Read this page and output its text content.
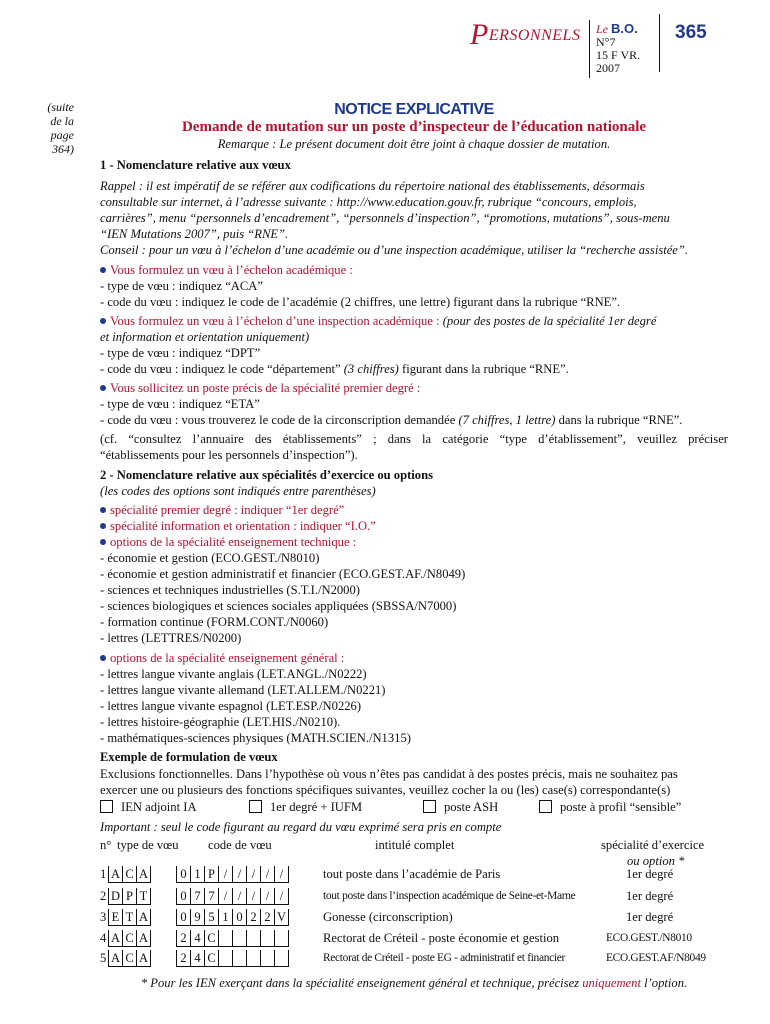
PERSONNELS Le B.O.
N°7
15 F VR.
2007
365
(suite
de la
page
364)
NOTICE EXPLICATIVE
Demande de mutation sur un poste d’inspecteur de l’éducation nationale
Remarque : Le présent document doit être joint à chaque dossier de mutation.
1 - Nomenclature relative aux vœux
Rappel : il est impératif de se référer aux codifications du répertoire national des établissements, désormais
consultable sur internet, à l’adresse suivante : http://www.education.gouv.fr, rubrique “concours, emplois,
carrières”, menu “personnels d’encadrement”, “personnels d’inspection”, “promotions, mutations”, sous-menu
“IEN Mutations 2007”, puis “RNE”.
Conseil : pour un vœu à l’échelon d’une académie ou d’une inspection académique, utiliser la “recherche assistée”.
Vous formulez un vœu à l’échelon académique :
- type de vœu : indiquez “ACA”
- code du vœu : indiquez le code de l’académie (2 chiffres, une lettre) figurant dans la rubrique “RNE”.
Vous formulez un vœu à l’échelon d’une inspection académique : (pour des postes de la spécialité 1er degré
et information et orientation uniquement)
- type de vœu : indiquez “DPT”
- code du vœu : indiquez le code “département” (3 chiffres) figurant dans la rubrique “RNE”.
Vous sollicitez un poste précis de la spécialité premier degré :
- type de vœu : indiquez “ETA”
- code du vœu : vous trouverez le code de la circonscription demandée (7 chiffres, 1 lettre) dans la rubrique “RNE”.
(cf. “consultez l’annuaire des établissements” ; dans la catégorie “type d’établissement”, veuillez préciser
“établissements pour les personnels d’inspection”).
2 - Nomenclature relative aux spécialités d’exercice ou options
(les codes des options sont indiqués entre parenthèses)
spécialité premier degré : indiquer “1er degré”
spécialité information et orientation : indiquer “I.O.”
options de la spécialité enseignement technique :
- économie et gestion (ECO.GEST./N8010)
- économie et gestion administratif et financier (ECO.GEST.AF./N8049)
- sciences et techniques industrielles (S.T.I./N2000)
- sciences biologiques et sciences sociales appliquées (SBSSA/N7000)
- formation continue (FORM.CONT./N0060)
- lettres (LETTRES/N0200)
options de la spécialité enseignement général :
- lettres langue vivante anglais (LET.ANGL./N0222)
- lettres langue vivante allemand (LET.ALLEM./N0221)
- lettres langue vivante espagnol (LET.ESP./N0226)
- lettres histoire-géographie (LET.HIS./N0210).
- mathématiques-sciences physiques (MATH.SCIEN./N1315)
Exemple de formulation de vœux
Exclusions fonctionnelles. Dans l’hypothèse où vous n’êtes pas candidat à des postes précis, mais ne souhaitez pas
exercer une ou plusieurs des fonctions spécifiques suivantes, veuillez cocher la ou (les) case(s) correspondante(s)
IEN adjoint IA	1er degré + IUFM	poste ASH	poste à profil “sensible”
Important : seul le code figurant au regard du vœu exprimé sera pris en compte
n° type de vœu code de vœu	intitulé complet	spécialité d’exercice
ou option *
1 A C A	0 1 P / / / / /	tout poste dans l’académie de Paris	1er degré
2 D P T	0 7 7 / / / / /	tout poste dans l’inspection académique de Seine-et-Marne	1er degré
3 E T A	0 9 5 1 0 2 2 V	Gonesse (circonscription)	1er degré
4 A C A	2 4 C	Rectorat de Créteil - poste économie et gestion	ECO.GEST./N8010
5 A C A	2 4 C	Rectorat de Créteil - poste EG - administratif et financier	ECO.GEST.AF/N8049
* Pour les IEN exerçant dans la spécialité enseignement général et technique, précisez uniquement l’option.
